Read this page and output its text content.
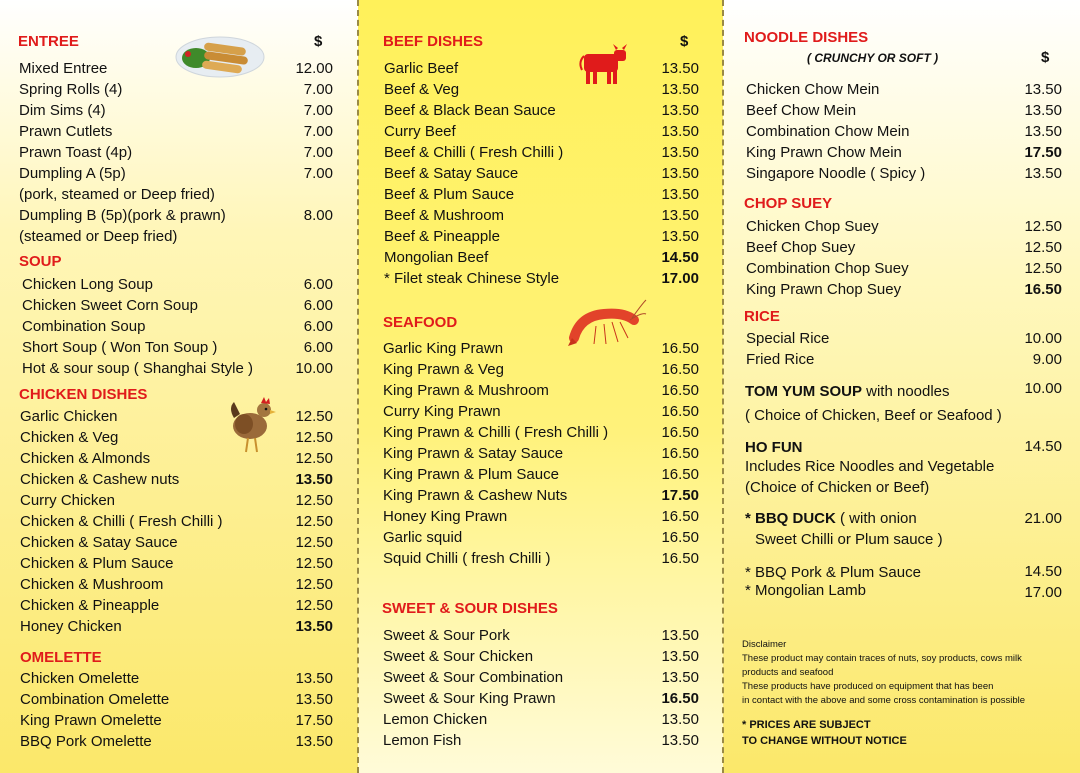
ENTREE	$
Mixed Entree	12.00
Spring Rolls (4)	7.00
Dim Sims (4)	7.00
Prawn Cutlets	7.00
Prawn Toast (4p)	7.00
Dumpling A (5p)	7.00
(pork, steamed or Deep fried)
Dumpling B (5p)(pork & prawn)	8.00
(steamed or Deep fried)
SOUP
Chicken Long Soup	6.00
Chicken Sweet Corn Soup	6.00
Combination Soup	6.00
Short Soup ( Won Ton Soup )	6.00
Hot & sour soup ( Shanghai Style )	10.00
CHICKEN DISHES
Garlic Chicken	12.50
Chicken & Veg	12.50
Chicken & Almonds	12.50
Chicken & Cashew nuts	13.50
Curry Chicken	12.50
Chicken & Chilli ( Fresh Chilli )	12.50
Chicken & Satay Sauce	12.50
Chicken & Plum Sauce	12.50
Chicken & Mushroom	12.50
Chicken & Pineapple	12.50
Honey Chicken	13.50
OMELETTE
Chicken Omelette	13.50
Combination Omelette	13.50
King Prawn Omelette	17.50
BBQ Pork Omelette	13.50
BEEF DISHES	$
Garlic Beef	13.50
Beef & Veg	13.50
Beef & Black Bean Sauce	13.50
Curry Beef	13.50
Beef & Chilli ( Fresh Chilli )	13.50
Beef & Satay Sauce	13.50
Beef & Plum Sauce	13.50
Beef & Mushroom	13.50
Beef & Pineapple	13.50
Mongolian Beef	14.50
* Filet steak Chinese Style	17.00
SEAFOOD
Garlic King Prawn	16.50
King Prawn & Veg	16.50
King Prawn & Mushroom	16.50
Curry King Prawn	16.50
King Prawn & Chilli ( Fresh Chilli )	16.50
King Prawn & Satay Sauce	16.50
King Prawn & Plum Sauce	16.50
King Prawn & Cashew Nuts	17.50
Honey King Prawn	16.50
Garlic squid	16.50
Squid Chilli ( fresh Chilli )	16.50
SWEET & SOUR DISHES
Sweet & Sour Pork	13.50
Sweet & Sour Chicken	13.50
Sweet & Sour Combination	13.50
Sweet & Sour King Prawn	16.50
Lemon Chicken	13.50
Lemon Fish	13.50
NOODLE DISHES
( CRUNCHY OR SOFT )	$
Chicken Chow Mein	13.50
Beef Chow Mein	13.50
Combination Chow Mein	13.50
King Prawn Chow Mein	17.50
Singapore Noodle ( Spicy )	13.50
CHOP SUEY
Chicken Chop Suey	12.50
Beef Chop Suey	12.50
Combination Chop Suey	12.50
King Prawn Chop Suey	16.50
RICE
Special Rice	10.00
Fried Rice	9.00
TOM YUM SOUP with noodles	10.00
( Choice of Chicken, Beef or Seafood )
HO FUN	14.50
Includes Rice Noodles and Vegetable
(Choice of Chicken or Beef)
* BBQ DUCK ( with onion	21.00
Sweet Chilli or Plum sauce )
* BBQ Pork & Plum Sauce	14.50
* Mongolian Lamb	17.00
Disclaimer
These product may contain traces of nuts, soy products, cows milk
products and seafood
These products have produced on equipment that has been
in contact with the above and some cross contamination is possible
* PRICES ARE SUBJECT
TO CHANGE WITHOUT NOTICE
